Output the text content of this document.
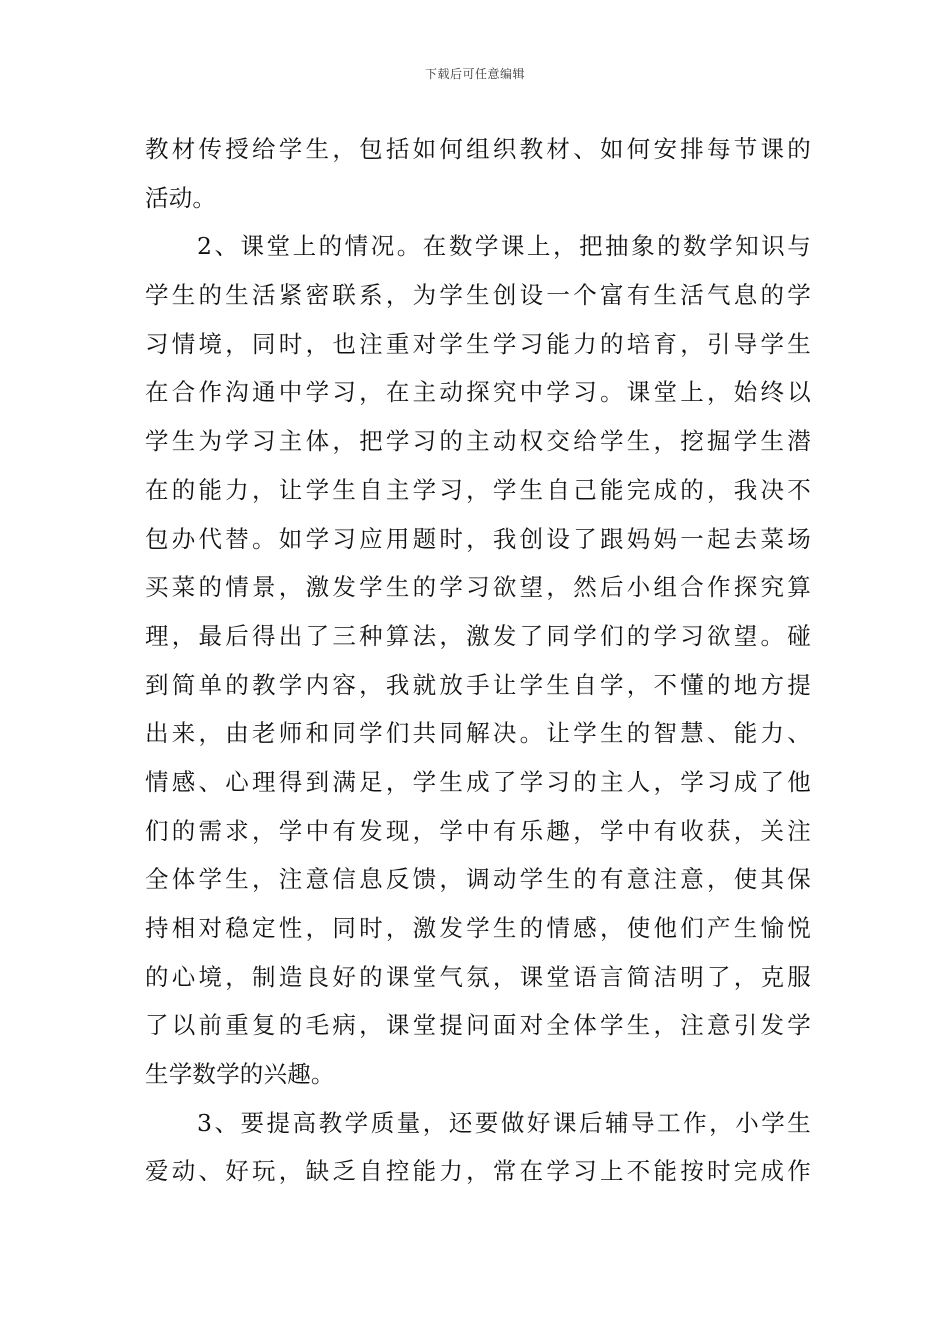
下载后可任意编辑
教材传授给学生，包括如何组织教材、如何安排每节课的
活动。
2、课堂上的情况。在数学课上，把抽象的数学知识与
学生的生活紧密联系，为学生创设一个富有生活气息的学
习情境，同时，也注重对学生学习能力的培育，引导学生
在合作沟通中学习，在主动探究中学习。课堂上，始终以
学生为学习主体，把学习的主动权交给学生，挖掘学生潜
在的能力，让学生自主学习，学生自己能完成的，我决不
包办代替。如学习应用题时，我创设了跟妈妈一起去菜场
买菜的情景，激发学生的学习欲望，然后小组合作探究算
理，最后得出了三种算法，激发了同学们的学习欲望。碰
到简单的教学内容，我就放手让学生自学，不懂的地方提
出来，由老师和同学们共同解决。让学生的智慧、能力、
情感、心理得到满足，学生成了学习的主人，学习成了他
们的需求，学中有发现，学中有乐趣，学中有收获，关注
全体学生，注意信息反馈，调动学生的有意注意，使其保
持相对稳定性，同时，激发学生的情感，使他们产生愉悦
的心境，制造良好的课堂气氛，课堂语言简洁明了，克服
了以前重复的毛病，课堂提问面对全体学生，注意引发学
生学数学的兴趣。
3、要提高教学质量，还要做好课后辅导工作，小学生
爱动、好玩，缺乏自控能力，常在学习上不能按时完成作
